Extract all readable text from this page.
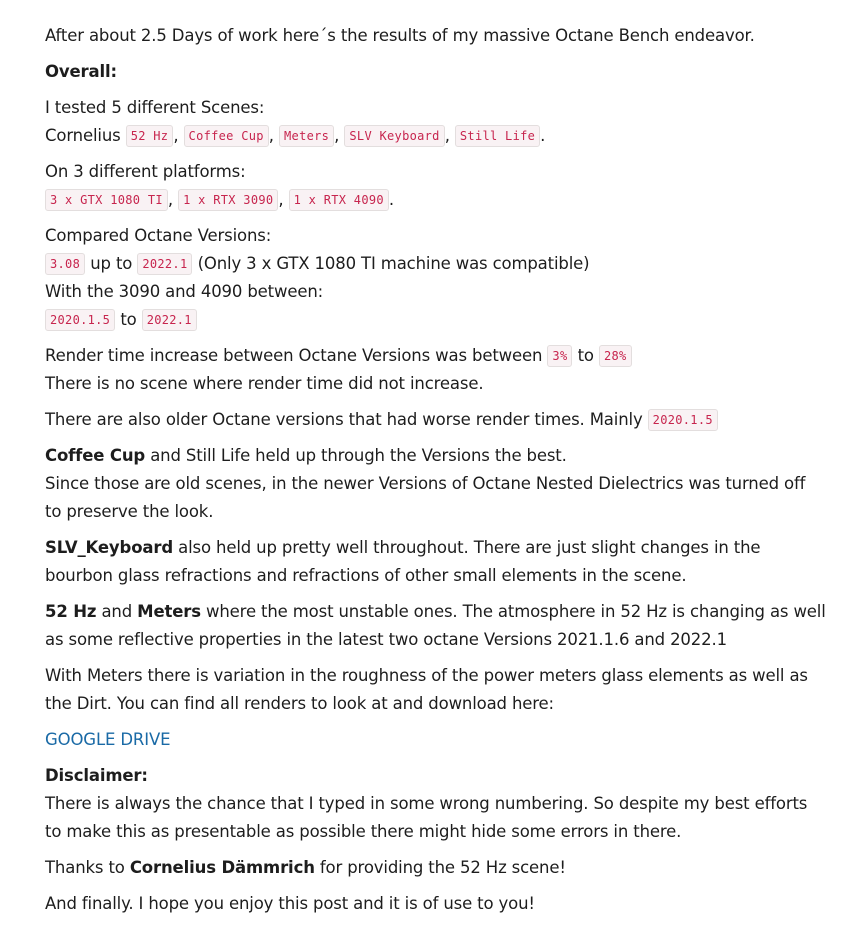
After about 2.5 Days of work here´s the results of my massive Octane Bench endeavor.

Overall:

I tested 5 different Scenes:
Cornelius 52 Hz , Coffee Cup , Meters , SLV Keyboard , Still Life .

On 3 different platforms:
3 x GTX 1080 TI , 1 x RTX 3090 , 1 x RTX 4090 .

Compared Octane Versions:
3.08 up to 2022.1 (Only 3 x GTX 1080 TI machine was compatible)
With the 3090 and 4090 between:
2020.1.5 to 2022.1

Render time increase between Octane Versions was between 3% to 28%
There is no scene where render time did not increase.

There are also older Octane versions that had worse render times. Mainly 2020.1.5

Coffee Cup and Still Life held up through the Versions the best.
Since those are old scenes, in the newer Versions of Octane Nested Dielectrics was turned off to preserve the look.

SLV_Keyboard also held up pretty well throughout. There are just slight changes in the bourbon glass refractions and refractions of other small elements in the scene.

52 Hz and Meters where the most unstable ones. The atmosphere in 52 Hz is changing as well as some reflective properties in the latest two octane Versions 2021.1.6 and 2022.1

With Meters there is variation in the roughness of the power meters glass elements as well as the Dirt. You can find all renders to look at and download here:

GOOGLE DRIVE

Disclaimer:
There is always the chance that I typed in some wrong numbering. So despite my best efforts to make this as presentable as possible there might hide some errors in there.

Thanks to Cornelius Dämmrich for providing the 52 Hz scene!

And finally. I hope you enjoy this post and it is of use to you!
